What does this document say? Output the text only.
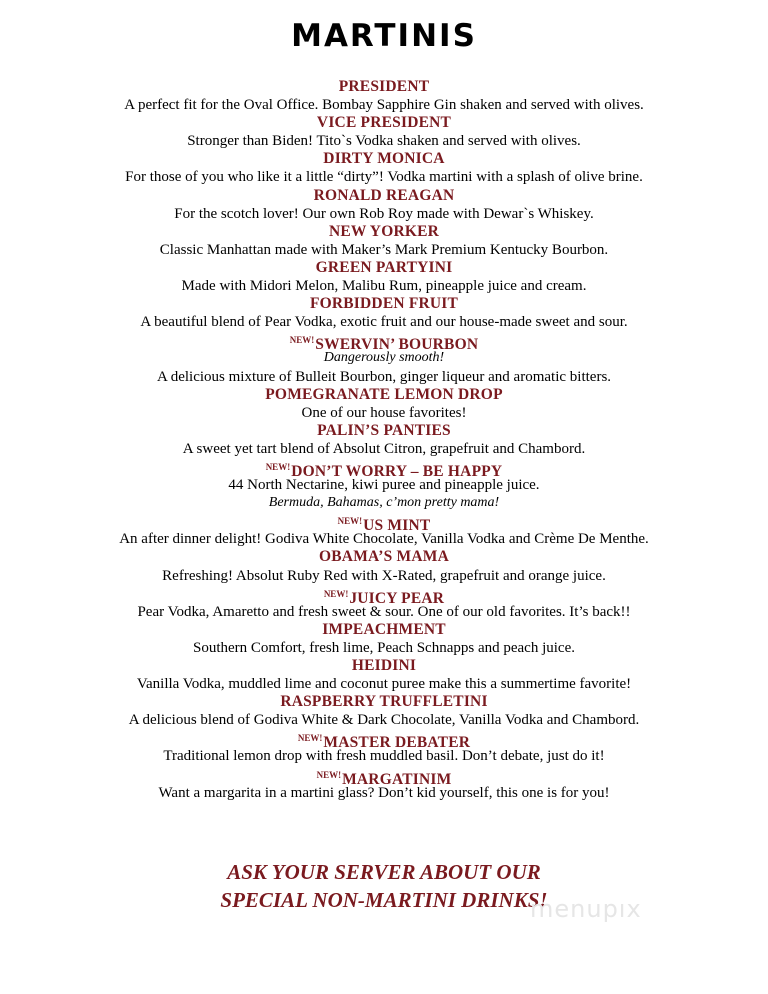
MARTINIS
PRESIDENT
A perfect fit for the Oval Office. Bombay Sapphire Gin shaken and served with olives.
VICE PRESIDENT
Stronger than Biden! Tito`s Vodka shaken and served with olives.
DIRTY MONICA
For those of you who like it a little “dirty”! Vodka martini with a splash of olive brine.
RONALD REAGAN
For the scotch lover! Our own Rob Roy made with Dewar`s Whiskey.
NEW YORKER
Classic Manhattan made with Maker’s Mark Premium Kentucky Bourbon.
GREEN PARTYINI
Made with Midori Melon, Malibu Rum, pineapple juice and cream.
FORBIDDEN FRUIT
A beautiful blend of Pear Vodka, exotic fruit and our house-made sweet and sour.
$^{NEW!}$SWERVIN’ BOURBON
Dangerously smooth!
A delicious mixture of Bulleit Bourbon, ginger liqueur and aromatic bitters.
POMEGRANATE LEMON DROP
One of our house favorites!
PALIN’S PANTIES
A sweet yet tart blend of Absolut Citron, grapefruit and Chambord.
$^{NEW!}$DON’T WORRY – BE HAPPY
44 North Nectarine, kiwi puree and pineapple juice.
Bermuda, Bahamas, c’mon pretty mama!
$^{NEW!}$US MINT
An after dinner delight! Godiva White Chocolate, Vanilla Vodka and Crème De Menthe.
OBAMA’S MAMA
Refreshing! Absolut Ruby Red with X-Rated, grapefruit and orange juice.
$^{NEW!}$JUICY PEAR
Pear Vodka, Amaretto and fresh sweet & sour. One of our old favorites. It’s back!!
IMPEACHMENT
Southern Comfort, fresh lime, Peach Schnapps and peach juice.
HEIDINI
Vanilla Vodka, muddled lime and coconut puree make this a summertime favorite!
RASPBERRY TRUFFLETINI
A delicious blend of Godiva White & Dark Chocolate, Vanilla Vodka and Chambord.
$^{NEW!}$MASTER DEBATER
Traditional lemon drop with fresh muddled basil. Don’t debate, just do it!
$^{NEW!}$MARGATINIM
Want a margarita in a martini glass? Don’t kid yourself, this one is for you!
ASK YOUR SERVER ABOUT OUR
SPECIAL NON-MARTINI DRINKS!
menupıx
